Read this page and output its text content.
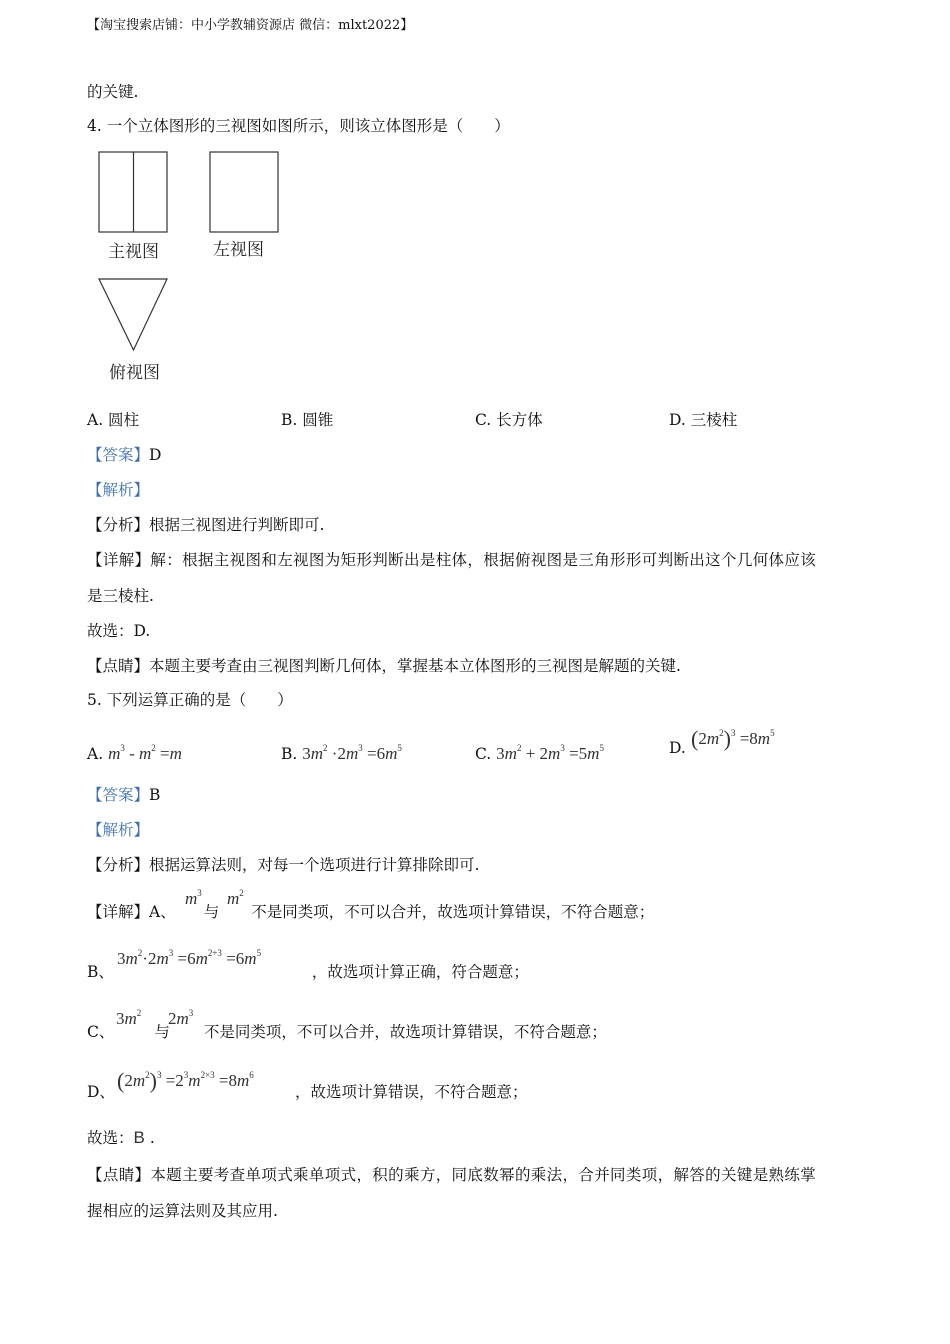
【淘宝搜索店铺：中小学教辅资源店 微信：mlxt2022】
的关键.
4. 一个立体图形的三视图如图所示，则该立体图形是（　　）
主视图	左视图
俯视图
A. 圆柱	B. 圆锥	C. 长方体	D. 三棱柱
【答案】D
【解析】
【分析】根据三视图进行判断即可.
【详解】解：根据主视图和左视图为矩形判断出是柱体，根据俯视图是三角形形可判断出这个几何体应该
是三棱柱.
故选：D.
【点睛】本题主要考查由三视图判断几何体，掌握基本立体图形的三视图是解题的关键.
5. 下列运算正确的是（　　）
A. $m^3 - m^2 =m$	B. $3m^2 \cdot 2m^3 =6m^5$	C. $3m^2 + 2m^3 =5m^5$	D. $(2m^2)^3 =8m^5$
【答案】B
【解析】
【分析】根据运算法则，对每一个选项进行计算排除即可.
【详解】A、 与 不是同类项，不可以合并，故选项计算错误，不符合题意；
$m^3$ $m^2$
B、	，故选项计算正确，符合题意；
$3m^2\cdot 2m^3 =6m^{2+3} =6m^5$
C、	与 不是同类项，不可以合并，故选项计算错误，不符合题意；
$3m^2$ $2m^3$
D、	，故选项计算错误，不符合题意；
$(2m^2)^3 =2^3m^{2\times 3} =8m^6$
故选：B .
【点睛】本题主要考查单项式乘单项式，积的乘方，同底数幂的乘法，合并同类项，解答的关键是熟练掌
握相应的运算法则及其应用.
